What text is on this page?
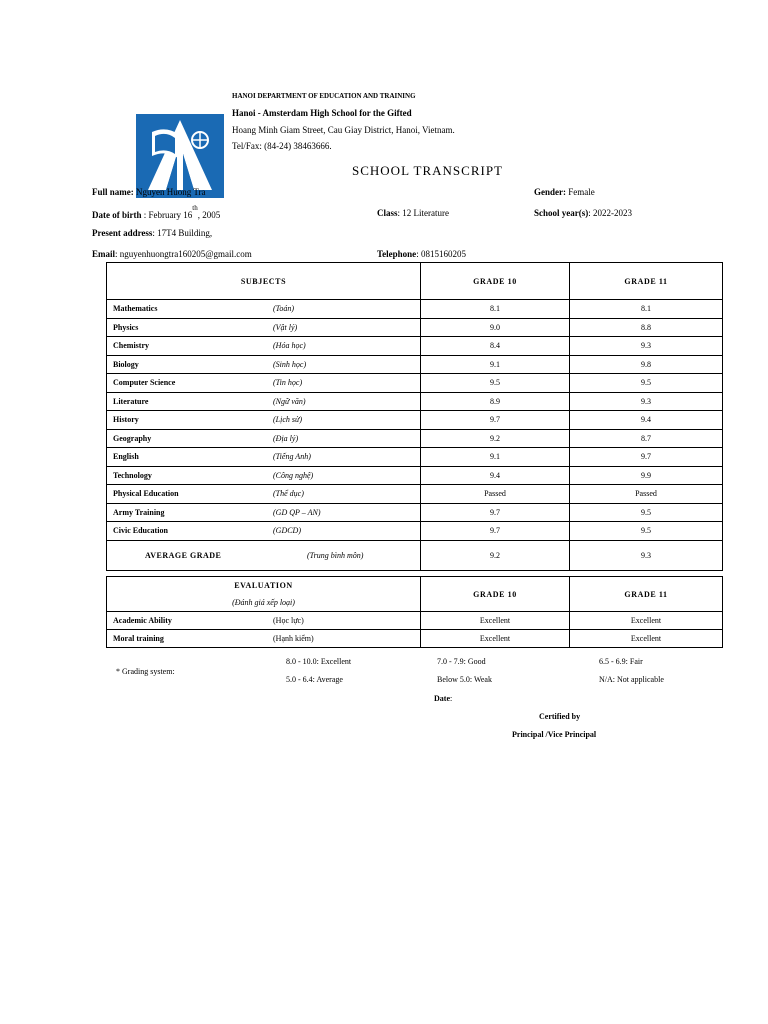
HANOI DEPARTMENT OF EDUCATION AND TRAINING
Hanoi - Amsterdam High School for the Gifted
Hoang Minh Giam Street, Cau Giay District, Hanoi, Vietnam.
Tel/Fax: (84-24) 38463666.
SCHOOL TRANSCRIPT
Full name: Nguyen Huong Tra	Gender: Female
Date of birth : February 16th, 2005	Class: 12 Literature	School year(s): 2022-2023
Present address: 17T4 Building,
Email: nguyenhuongtra160205@gmail.com	Telephone: 0815160205
SUBJECTS	GRADE 10	GRADE 11
Mathematics (Toán)	8.1	8.1
Physics (Vật lý)	9.0	8.8
Chemistry (Hóa học)	8.4	9.3
Biology (Sinh học)	9.1	9.8
Computer Science (Tin học)	9.5	9.5
Literature (Ngữ văn)	8.9	9.3
History (Lịch sử)	9.7	9.4
Geography (Địa lý)	9.2	8.7
English (Tiếng Anh)	9.1	9.7
Technology (Công nghệ)	9.4	9.9
Physical Education (Thể dục)	Passed	Passed
Army Training (GD QP – AN)	9.7	9.5
Civic Education (GDCD)	9.7	9.5
AVERAGE GRADE (Trung bình môn)	9.2	9.3
EVALUATION
(Đánh giá xếp loại)	GRADE 10	GRADE 11
Academic Ability (Học lực)	Excellent	Excellent
Moral training (Hạnh kiểm)	Excellent	Excellent
* Grading system:
8.0 - 10.0: Excellent	7.0 - 7.9: Good	6.5 - 6.9: Fair
5.0 - 6.4: Average	Below 5.0: Weak	N/A: Not applicable
Date:
Certified by
Principal /Vice Principal
